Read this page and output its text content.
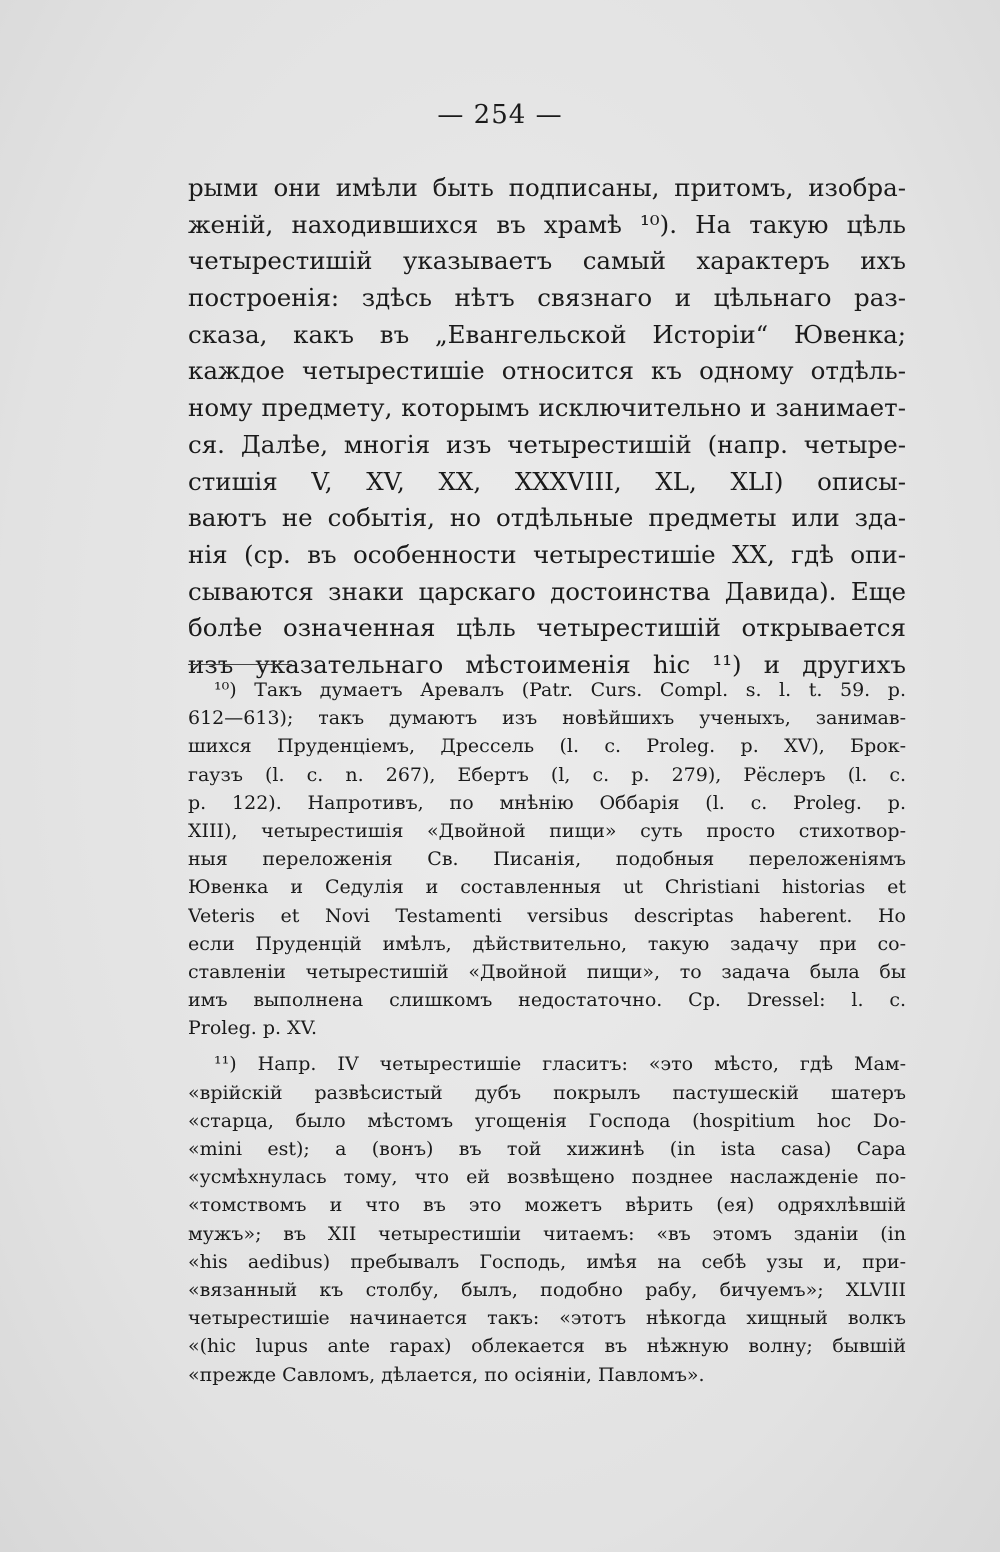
— 254 —
рыми они имѣли быть подписаны, притомъ, изобра-
женій, находившихся въ храмѣ ¹⁰). На такую цѣль
четырестишій указываетъ самый характеръ ихъ
построенія: здѣсь нѣтъ связнаго и цѣльнаго раз-
сказа, какъ въ „Евангельской Исторіи“ Ювенка;
каждое четырестишіе относится къ одному отдѣль-
ному предмету, которымъ исключительно и занимает-
ся. Далѣе, многія изъ четырестишій (напр. четыре-
стишія V, XV, XX, XXXVIII, XL, XLI) описы-
ваютъ не событія, но отдѣльные предметы или зда-
нія (ср. въ особенности четырестишіе XX, гдѣ опи-
сываются знаки царскаго достоинства Давида). Еще
болѣе означенная цѣль четырестишій открывается
изъ указательнаго мѣстоименія hic ¹¹) и другихъ
¹⁰) Такъ думаетъ Аревалъ (Patr. Curs. Compl. s. l. t. 59. p.
612—613); такъ думаютъ изъ новѣйшихъ ученыхъ, занимав-
шихся Пруденціемъ, Дрессель (l. c. Proleg. p. XV), Брок-
гаузъ (l. c. n. 267), Ебертъ (l, c. p. 279), Рёслеръ (l. c.
p. 122). Напротивъ, по мнѣнію Оббарія (l. c. Proleg. p.
XIII), четырестишія «Двойной пищи» суть просто стихотвор-
ныя переложенія Св. Писанія, подобныя переложеніямъ
Ювенка и Седулія и составленныя ut Christiani historias et
Veteris et Novi Testamenti versibus descriptas haberent. Но
если Пруденцій имѣлъ, дѣйствительно, такую задачу при со-
ставленіи четырестишій «Двойной пищи», то задача была бы
имъ выполнена слишкомъ недостаточно. Ср. Dressel: l. c.
Proleg. p. XV.
¹¹) Напр. IV четырестишіе гласитъ: «это мѣсто, гдѣ Мам-
«врійскій развѣсистый дубъ покрылъ пастушескій шатеръ
«старца, было мѣстомъ угощенія Господа (hospitium hoc Do-
«mini est); а (вонъ) въ той хижинѣ (in ista casa) Сара
«усмѣхнулась тому, что ей возвѣщено позднее наслажденіе по-
«томствомъ и что въ это можетъ вѣрить (ея) одряхлѣвшій
мужъ»; въ XII четырестишіи читаемъ: «въ этомъ зданіи (in
«his aedibus) пребывалъ Господь, имѣя на себѣ узы и, при-
«вязанный къ столбу, былъ, подобно рабу, бичуемъ»; XLVIII
четырестишіе начинается такъ: «этотъ нѣкогда хищный волкъ
«(hic lupus ante rapax) облекается въ нѣжную волну; бывшій
«прежде Савломъ, дѣлается, по осіяніи, Павломъ».
